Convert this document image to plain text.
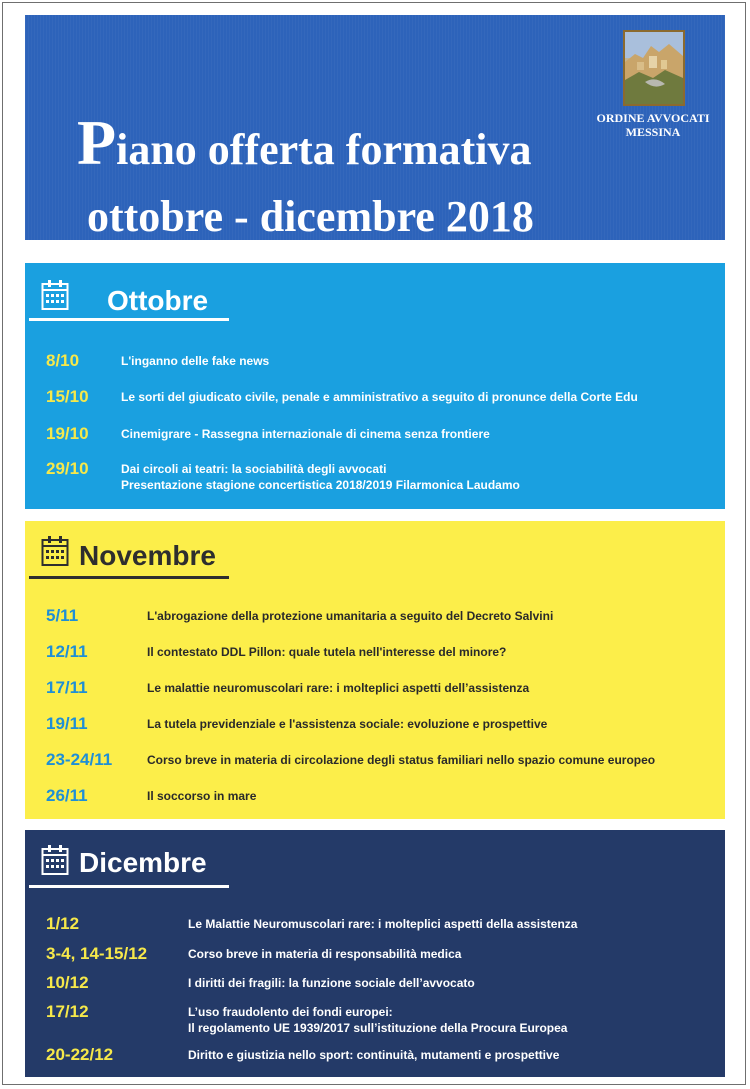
Piano offerta formativa
ottobre - dicembre 2018
ORDINE AVVOCATI
MESSINA
Ottobre
8/10	L'inganno delle fake news
15/10	Le sorti del giudicato civile, penale e amministrativo a seguito di pronunce della Corte Edu
19/10	Cinemigrare - Rassegna internazionale di cinema senza frontiere
29/10	Dai circoli ai teatri: la sociabilità degli avvocati
Presentazione stagione concertistica 2018/2019 Filarmonica Laudamo
Novembre
5/11	L'abrogazione della protezione umanitaria a seguito del Decreto Salvini
12/11	Il contestato DDL Pillon: quale tutela nell'interesse del minore?
17/11	Le malattie neuromuscolari rare: i molteplici aspetti dell’assistenza
19/11	La tutela previdenziale e l'assistenza sociale: evoluzione e prospettive
23-24/11	Corso breve in materia di circolazione degli status familiari nello spazio comune europeo
26/11	Il soccorso in mare
Dicembre
1/12	Le Malattie Neuromuscolari rare: i molteplici aspetti della assistenza
3-4, 14-15/12	Corso breve in materia di responsabilità medica
10/12	I diritti dei fragili: la funzione sociale dell’avvocato
17/12	L’uso fraudolento dei fondi europei:
Il regolamento UE 1939/2017 sull’istituzione della Procura Europea
20-22/12	Diritto e giustizia nello sport: continuità, mutamenti e prospettive
